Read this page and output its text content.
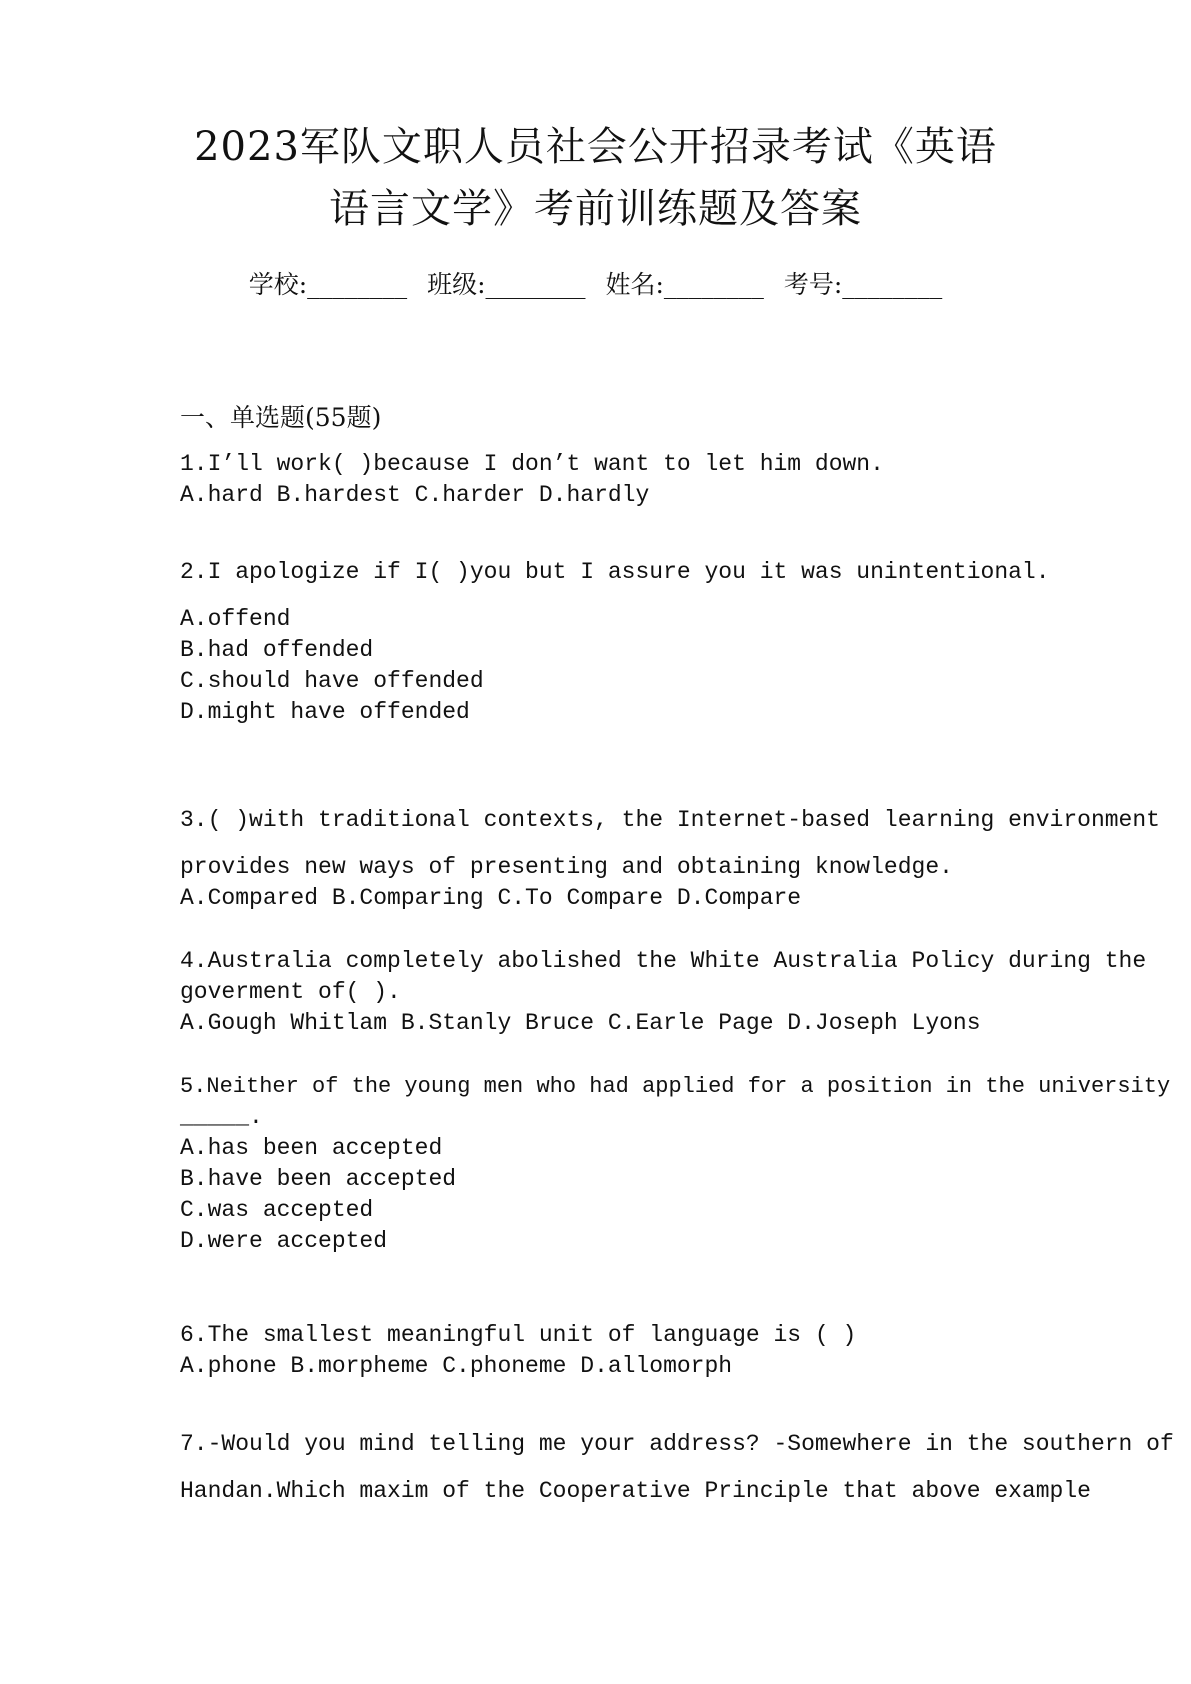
2023军队文职人员社会公开招录考试《英语
语言文学》考前训练题及答案
学校:________ 班级:________ 姓名:________ 考号:________
一、单选题(55题)
1.I’ll work( )because I don’t want to let him down.
A.hard B.hardest C.harder D.hardly
2.I apologize if I( )you but I assure you it was unintentional.
A.offend
B.had offended
C.should have offended
D.might have offended
3.( )with traditional contexts, the Internet-based learning environment
provides new ways of presenting and obtaining knowledge.
A.Compared B.Comparing C.To Compare D.Compare
4.Australia completely abolished the White Australia Policy during the
goverment of( ).
A.Gough Whitlam B.Stanly Bruce C.Earle Page D.Joseph Lyons
5.Neither of the young men who had applied for a position in the university
_____.
A.has been accepted
B.have been accepted
C.was accepted
D.were accepted
6.The smallest meaningful unit of language is ( )
A.phone B.morpheme C.phoneme D.allomorph
7.-Would you mind telling me your address? -Somewhere in the southern of
Handan.Which maxim of the Cooperative Principle that above example
